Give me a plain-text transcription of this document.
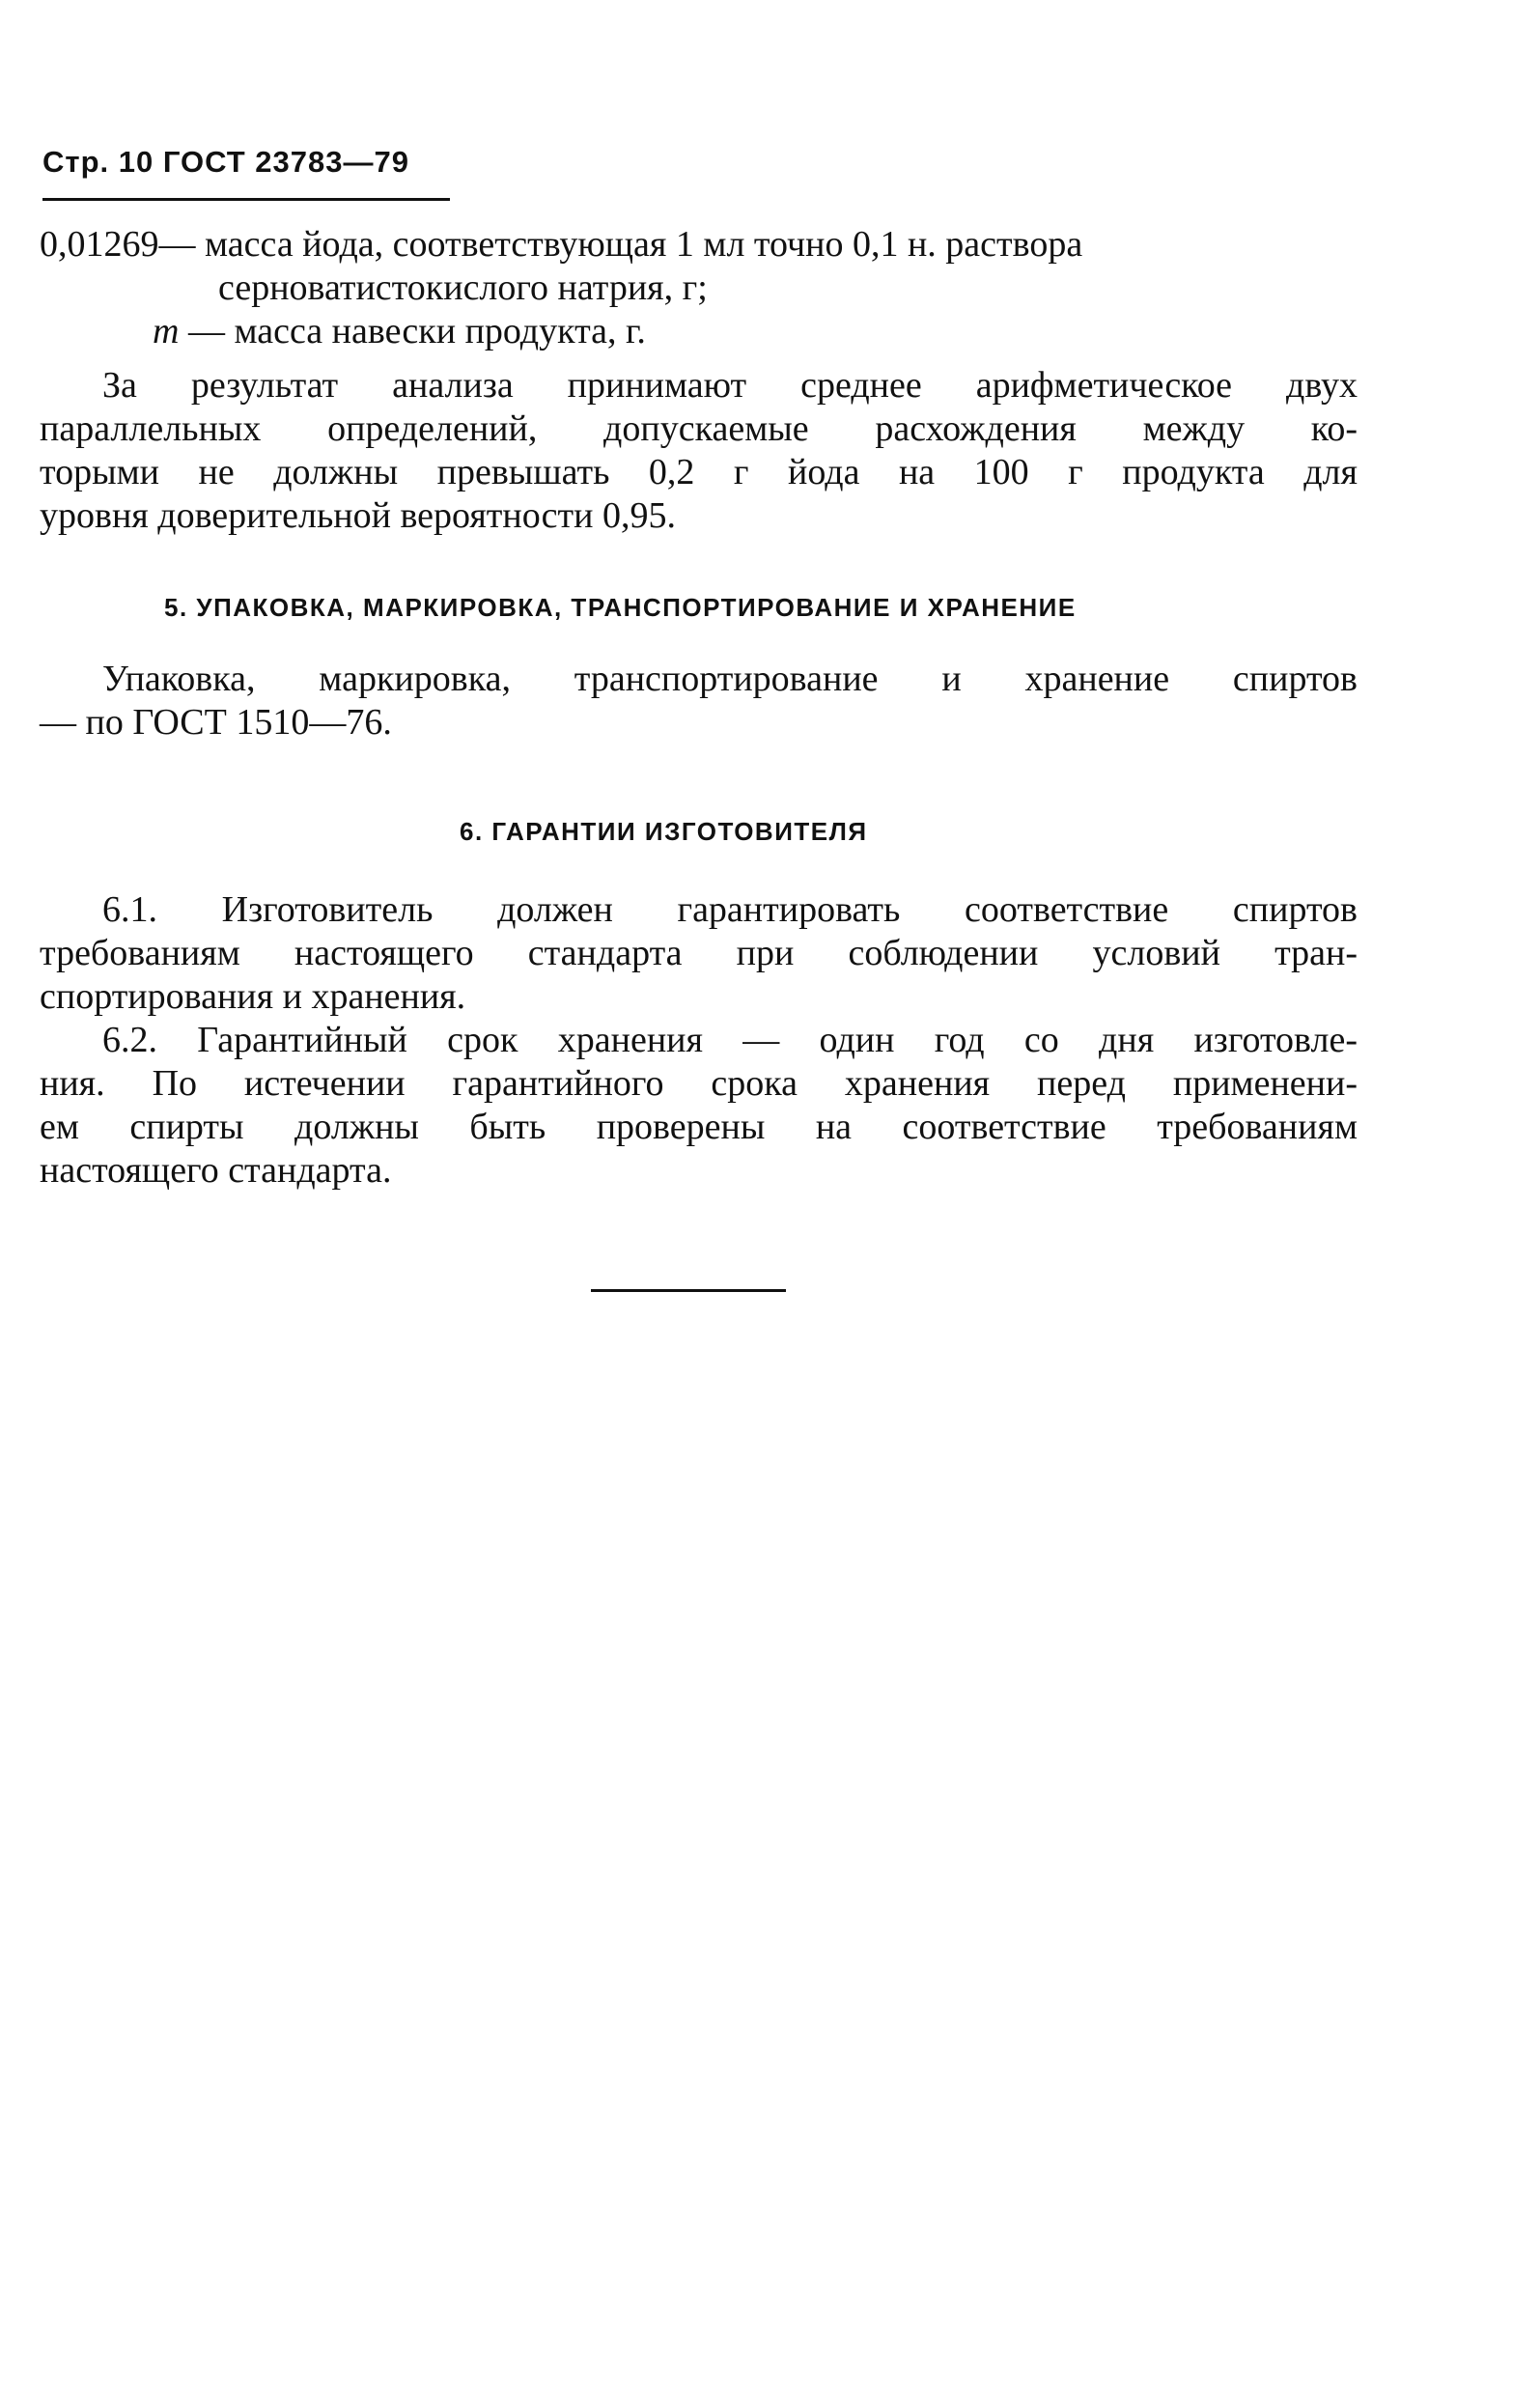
Стр. 10 ГОСТ 23783—79
0,01269— масса йода, соответствующая 1 мл точно 0,1 н. раствора
серноватистокислого натрия, г;
m — масса навески продукта, г.
За результат анализа принимают среднее арифметическое двух
параллельных определений, допускаемые расхождения между ко-
торыми не должны превышать 0,2 г йода на 100 г продукта для
уровня доверительной вероятности 0,95.
5. УПАКОВКА, МАРКИРОВКА, ТРАНСПОРТИРОВАНИЕ И ХРАНЕНИЕ
Упаковка, маркировка, транспортирование и хранение спиртов
— по ГОСТ 1510—76.
6. ГАРАНТИИ ИЗГОТОВИТЕЛЯ
6.1. Изготовитель должен гарантировать соответствие спиртов
требованиям настоящего стандарта при соблюдении условий тран-
спортирования и хранения.
6.2. Гарантийный срок хранения — один год со дня изготовле-
ния. По истечении гарантийного срока хранения перед применени-
ем спирты должны быть проверены на соответствие требованиям
настоящего стандарта.
